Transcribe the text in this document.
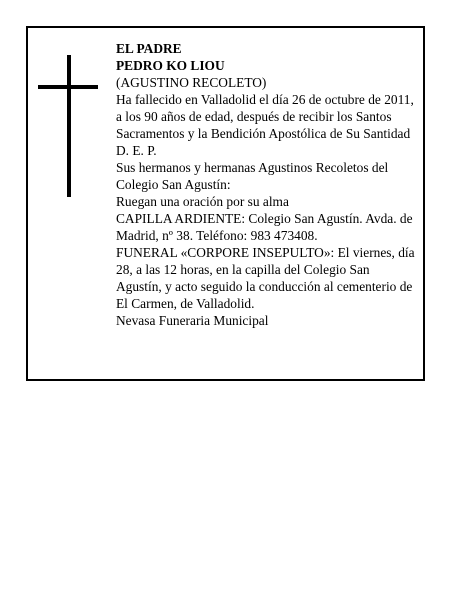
EL PADRE
PEDRO KO LIOU
(AGUSTINO RECOLETO)
Ha fallecido en Valladolid el día 26 de octubre de 2011,
a los 90 años de edad, después de recibir los Santos
Sacramentos y la Bendición Apostólica de Su Santidad
D. E. P.
Sus hermanos y hermanas Agustinos Recoletos del
Colegio San Agustín:
Ruegan una oración por su alma
CAPILLA ARDIENTE: Colegio San Agustín. Avda. de
Madrid, nº 38. Teléfono: 983 473408.
FUNERAL «CORPORE INSEPULTO»: El viernes, día
28, a las 12 horas, en la capilla del Colegio San
Agustín, y acto seguido la conducción al cementerio de
El Carmen, de Valladolid.
Nevasa Funeraria Municipal
